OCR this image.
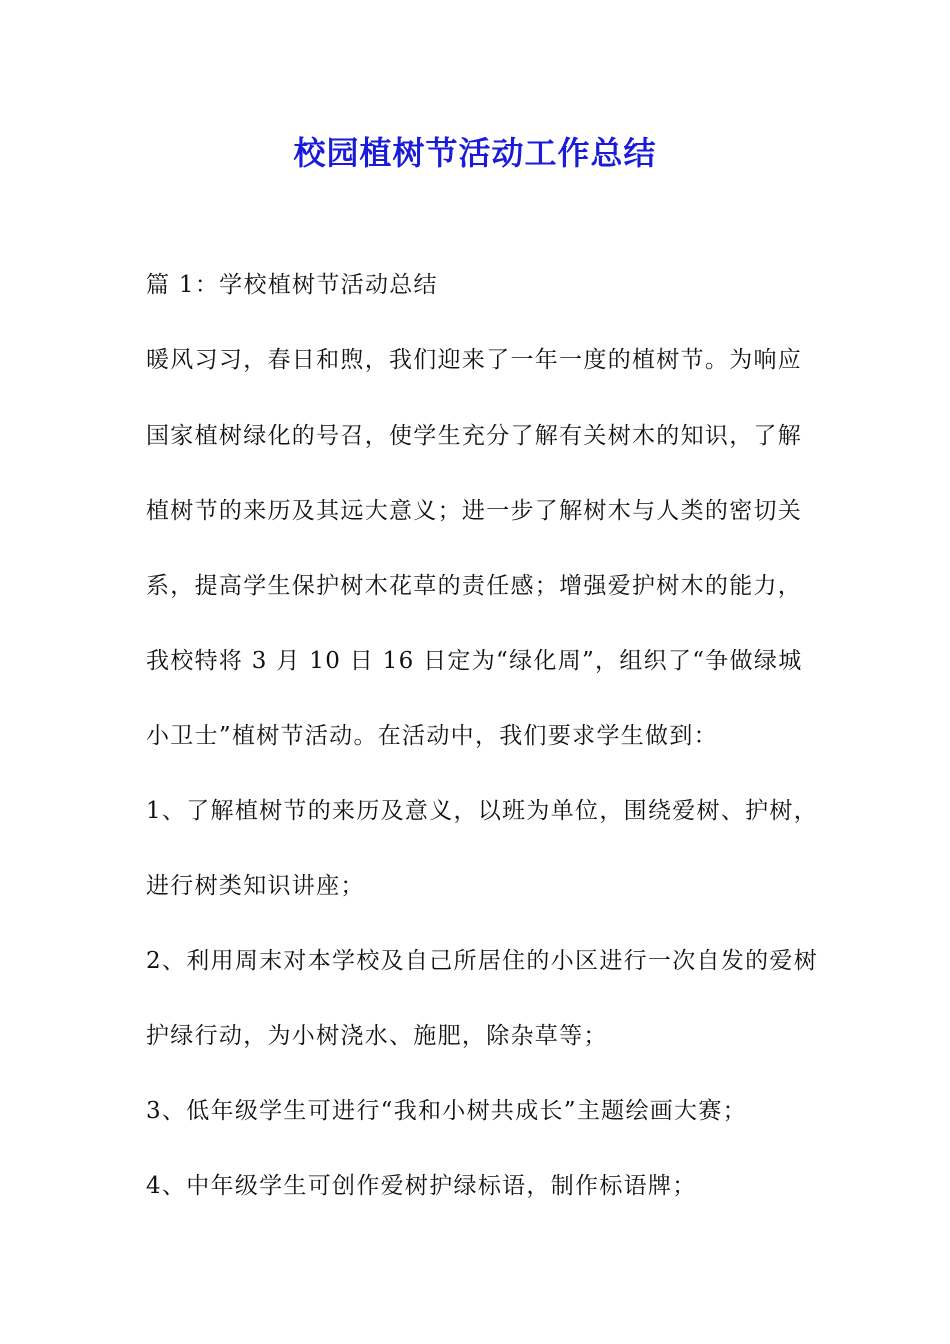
校园植树节活动工作总结

篇 1：学校植树节活动总结

暖风习习，春日和煦，我们迎来了一年一度的植树节。为响应

国家植树绿化的号召，使学生充分了解有关树木的知识，了解

植树节的来历及其远大意义；进一步了解树木与人类的密切关

系，提高学生保护树木花草的责任感；增强爱护树木的能力，

我校特将 3 月 10 日 16 日定为“绿化周”，组织了“争做绿城

小卫士”植树节活动。在活动中，我们要求学生做到：

1、了解植树节的来历及意义，以班为单位，围绕爱树、护树，

进行树类知识讲座；

2、利用周末对本学校及自己所居住的小区进行一次自发的爱树

护绿行动，为小树浇水、施肥，除杂草等；

3、低年级学生可进行“我和小树共成长”主题绘画大赛；

4、中年级学生可创作爱树护绿标语，制作标语牌；
